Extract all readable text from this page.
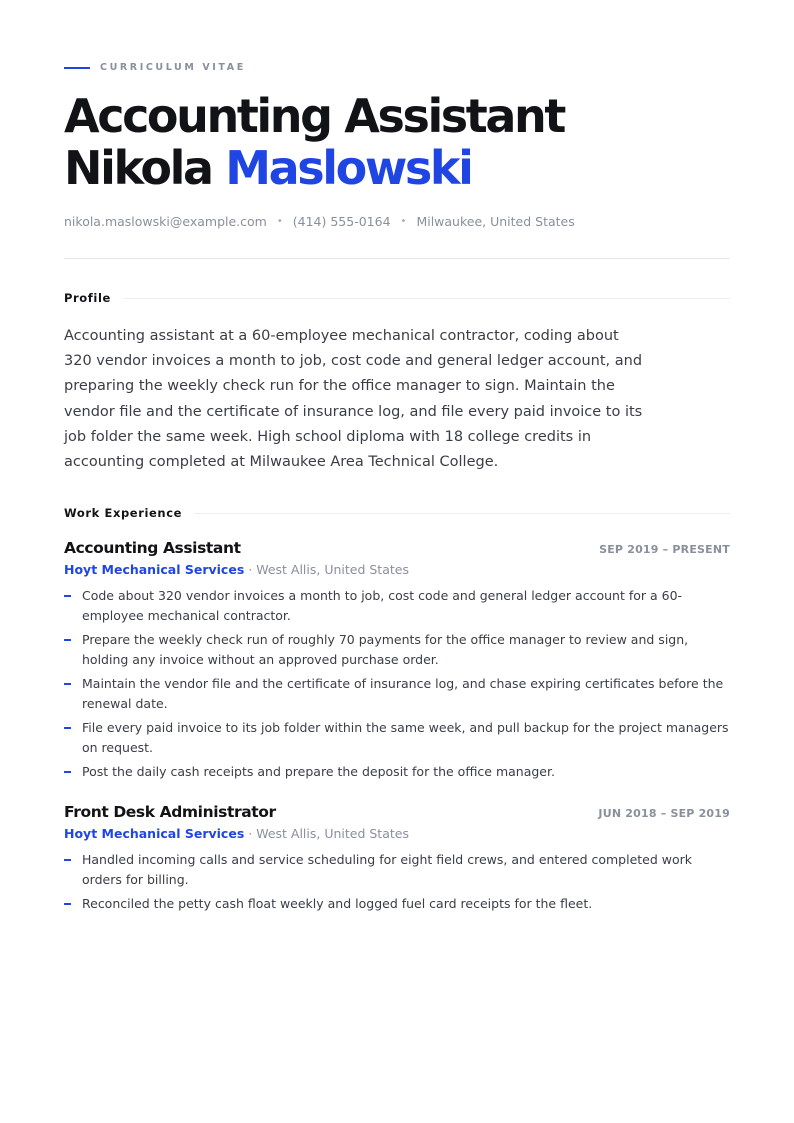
CURRICULUM VITAE
Accounting Assistant
Nikola Maslowski
nikola.maslowski@example.com • (414) 555-0164 • Milwaukee, United States
Profile

Accounting assistant at a 60-employee mechanical contractor, coding about 320 vendor invoices a month to job, cost code and general ledger account, and preparing the weekly check run for the office manager to sign. Maintain the vendor file and the certificate of insurance log, and file every paid invoice to its job folder the same week. High school diploma with 18 college credits in accounting completed at Milwaukee Area Technical College.

Work Experience
Accounting Assistant	SEP 2019 – PRESENT
Hoyt Mechanical Services · West Allis, United States
Code about 320 vendor invoices a month to job, cost code and general ledger account for a 60-employee mechanical contractor.
Prepare the weekly check run of roughly 70 payments for the office manager to review and sign, holding any invoice without an approved purchase order.
Maintain the vendor file and the certificate of insurance log, and chase expiring certificates before the renewal date.
File every paid invoice to its job folder within the same week, and pull backup for the project managers on request.
Post the daily cash receipts and prepare the deposit for the office manager.
Front Desk Administrator	JUN 2018 – SEP 2019
Hoyt Mechanical Services · West Allis, United States
Handled incoming calls and service scheduling for eight field crews, and entered completed work orders for billing.
Reconciled the petty cash float weekly and logged fuel card receipts for the fleet.
